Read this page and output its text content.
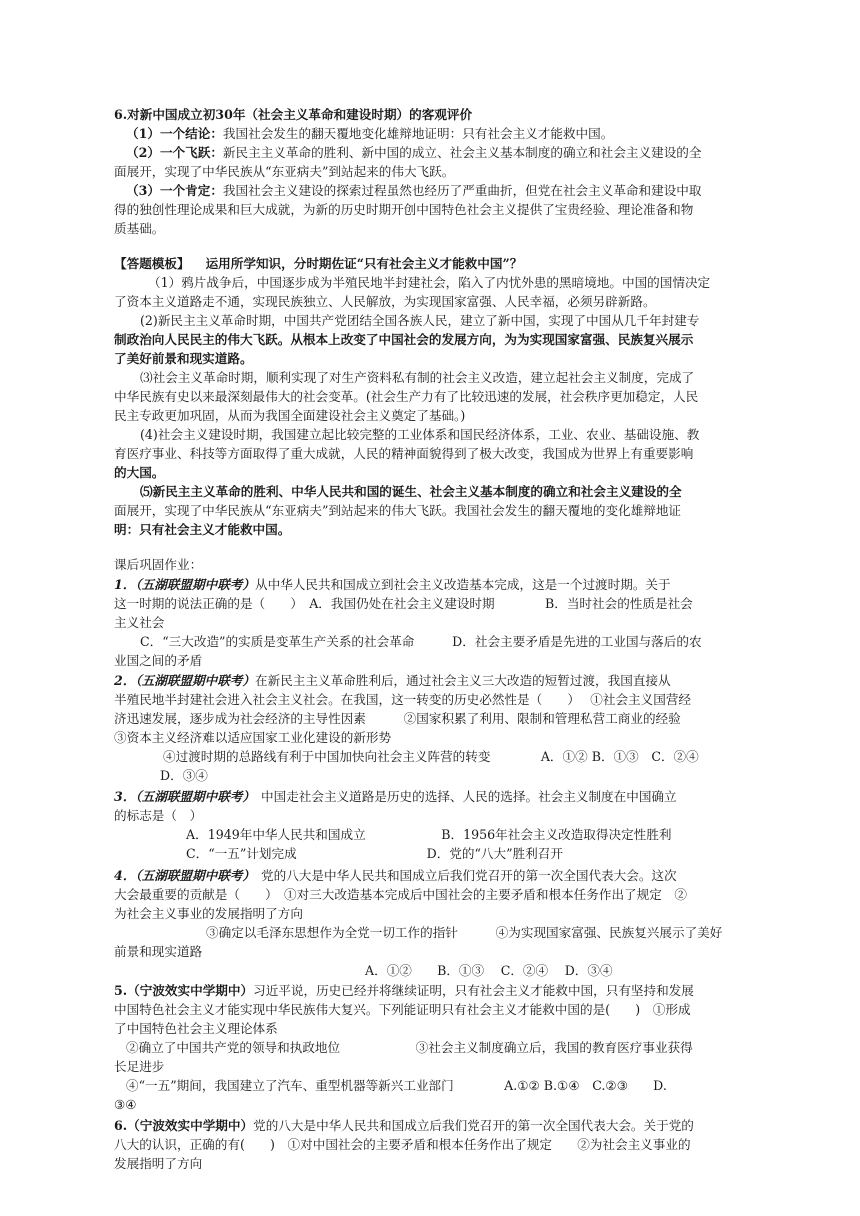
6.对新中国成立初30年（社会主义革命和建设时期）的客观评价
（1）一个结论：我国社会发生的翻天覆地变化雄辩地证明：只有社会主义才能救中国。
（2）一个飞跃：新民主主义革命的胜利、新中国的成立、社会主义基本制度的确立和社会主义建设的全
面展开，实现了中华民族从“东亚病夫”到站起来的伟大飞跃。
（3）一个肯定：我国社会主义建设的探索过程虽然也经历了严重曲折，但党在社会主义革命和建设中取
得的独创性理论成果和巨大成就，为新的历史时期开创中国特色社会主义提供了宝贵经验、理论准备和物
质基础。
【答题模板】 运用所学知识，分时期佐证“只有社会主义才能救中国”？
（1）鸦片战争后，中国逐步成为半殖民地半封建社会，陷入了内忧外患的黑暗境地。中国的国情决定
了资本主义道路走不通，实现民族独立、人民解放，为实现国家富强、人民幸福，必须另辟新路。
(2)新民主主义革命时期，中国共产党团结全国各族人民，建立了新中国，实现了中国从几千年封建专
制政治向人民民主的伟大飞跃。从根本上改变了中国社会的发展方向，为为实现国家富强、民族复兴展示
了美好前景和现实道路。
⑶社会主义革命时期，顺利实现了对生产资料私有制的社会主义改造，建立起社会主义制度，完成了
中华民族有史以来最深刻最伟大的社会变革。(社会生产力有了比较迅速的发展，社会秩序更加稳定，人民
民主专政更加巩固，从而为我国全面建设社会主义奠定了基础。)
(4)社会主义建设时期，我国建立起比较完整的工业体系和国民经济体系，工业、农业、基础设施、教
育医疗事业、科技等方面取得了重大成就，人民的精神面貌得到了极大改变，我国成为世界上有重要影响
的大国。
⑸新民主主义革命的胜利、中华人民共和国的诞生、社会主义基本制度的确立和社会主义建设的全
面展开，实现了中华民族从“东亚病夫”到站起来的伟大飞跃。我国社会发生的翻天覆地的变化雄辩地证
明：只有社会主义才能救中国。
课后巩固作业：
1．（五湖联盟期中联考）从中华人民共和国成立到社会主义改造基本完成，这是一个过渡时期。关于
这一时期的说法正确的是（　　）　A．我国仍处在社会主义建设时期　　　　B．当时社会的性质是社会
主义社会
C．“三大改造”的实质是变革生产关系的社会革命　　　D．社会主要矛盾是先进的工业国与落后的农
业国之间的矛盾
2．（五湖联盟期中联考）在新民主主义革命胜利后，通过社会主义三大改造的短暂过渡，我国直接从
半殖民地半封建社会进入社会主义社会。在我国，这一转变的历史必然性是（　　）　 ①社会主义国营经
济迅速发展，逐步成为社会经济的主导性因素　　　②国家积累了利用、限制和管理私营工商业的经验
③资本主义经济难以适应国家工业化建设的新形势
④过渡时期的总路线有利于中国加快向社会主义阵营的转变　　　　A．①② B．①③　C．②④
D．③④
3．（五湖联盟期中联考） 中国走社会主义道路是历史的选择、人民的选择。社会主义制度在中国确立
的标志是（　）
A．1949年中华人民共和国成立　　　　　　B．1956年社会主义改造取得决定性胜利
C．“一五”计划完成　　　　　　　　　　 D．党的“八大”胜利召开
4．（五湖联盟期中联考） 党的八大是中华人民共和国成立后我们党召开的第一次全国代表大会。这次
大会最重要的贡献是（　　）　①对三大改造基本完成后中国社会的主要矛盾和根本任务作出了规定　②
为社会主义事业的发展指明了方向
③确定以毛泽东思想作为全党一切工作的指针　　　④为实现国家富强、民族复兴展示了美好
前景和现实道路
A．①②　　B．①③　 C．②④　 D．③④
5.（宁波效实中学期中）习近平说，历史已经并将继续证明，只有社会主义才能救中国，只有坚持和发展
中国特色社会主义才能实现中华民族伟大复兴。下列能证明只有社会主义才能救中国的是(　　)　①形成
了中国特色社会主义理论体系
②确立了中国共产党的领导和执政地位　　　　　　③社会主义制度确立后，我国的教育医疗事业获得
长足进步
④“一五”期间，我国建立了汽车、重型机器等新兴工业部门　　　　A.①② B.①④　C.②③　　D.
③④
6.（宁波效实中学期中）党的八大是中华人民共和国成立后我们党召开的第一次全国代表大会。关于党的
八大的认识，正确的有(　　)　①对中国社会的主要矛盾和根本任务作出了规定　　②为社会主义事业的
发展指明了方向
